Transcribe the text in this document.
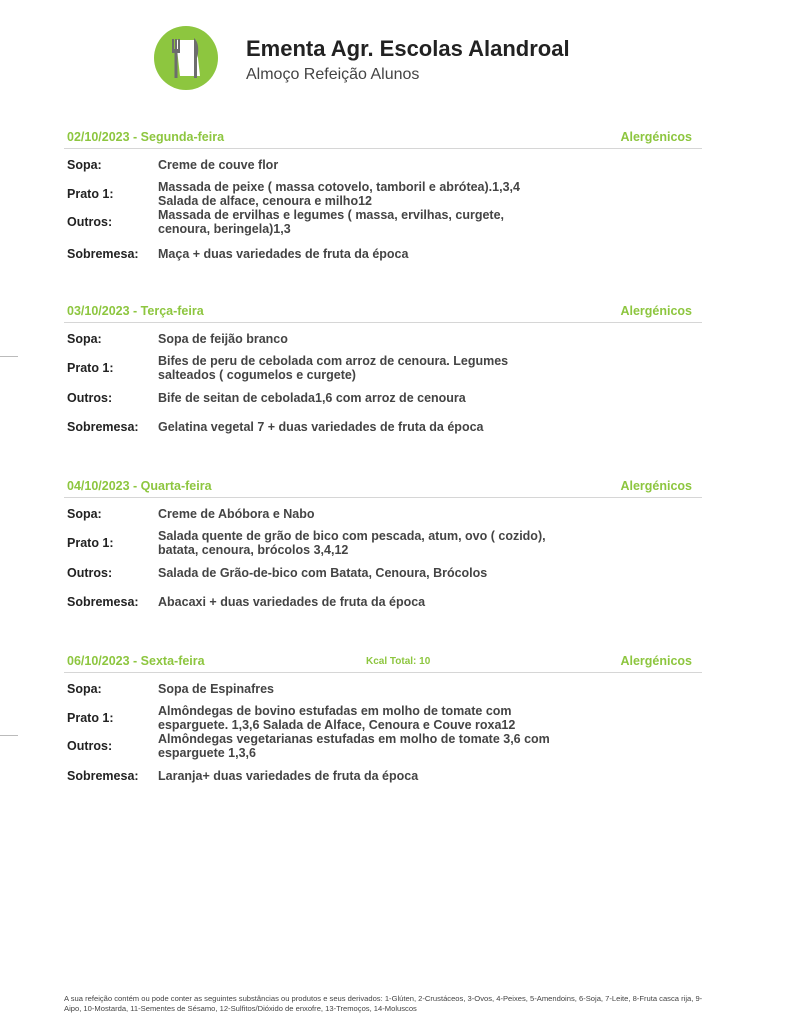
Ementa Agr. Escolas Alandroal
Almoço Refeição Alunos
02/10/2023 - Segunda-feira	Alergénicos
Sopa:	Creme de couve flor
Prato 1:	Massada de peixe ( massa cotovelo, tamboril e abrótea).1,3,4 Salada de alface, cenoura e milho12
Outros:	Massada de ervilhas e legumes ( massa, ervilhas, curgete, cenoura, beringela)1,3
Sobremesa: Maça + duas variedades de fruta da época
03/10/2023 - Terça-feira	Alergénicos
Sopa:	Sopa de feijão branco
Prato 1:	Bifes de peru de cebolada com arroz de cenoura. Legumes salteados ( cogumelos e curgete)
Outros:	Bife de seitan de cebolada1,6 com arroz de cenoura
Sobremesa: Gelatina vegetal 7 + duas variedades de fruta da época
04/10/2023 - Quarta-feira	Alergénicos
Sopa:	Creme de Abóbora e Nabo
Prato 1:	Salada quente de grão de bico com pescada, atum, ovo ( cozido), batata, cenoura, brócolos 3,4,12
Outros:	Salada de Grão-de-bico com Batata, Cenoura, Brócolos
Sobremesa: Abacaxi + duas variedades de fruta da época
06/10/2023 - Sexta-feira	Kcal Total: 10	Alergénicos
Sopa:	Sopa de Espinafres
Prato 1:	Almôndegas de bovino estufadas em molho de tomate com esparguete. 1,3,6 Salada de Alface, Cenoura e Couve roxa12
Outros:	Almôndegas vegetarianas estufadas em molho de tomate 3,6 com esparguete 1,3,6
Sobremesa: Laranja+ duas variedades de fruta da época
A sua refeição contém ou pode conter as seguintes substâncias ou produtos e seus derivados: 1-Glúten, 2-Crustáceos, 3-Ovos, 4-Peixes, 5-Amendoins, 6-Soja, 7-Leite, 8-Fruta casca rija, 9-Aipo, 10-Mostarda, 11-Sementes de Sésamo, 12-Sulfitos/Dióxido de enxofre, 13-Tremoços, 14-Moluscos
